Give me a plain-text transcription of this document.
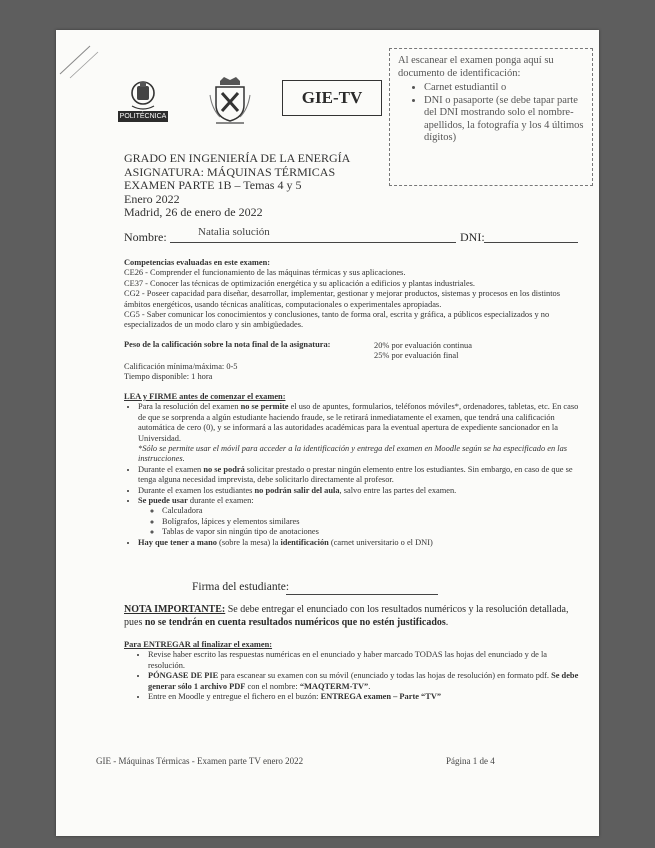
POLITÉCNICA
GIE-TV
Al escanear el examen ponga aquí su documento de identificación:
• Carnet estudiantil o
• DNI o pasaporte (se debe tapar parte del DNI mostrando solo el nombre-apellidos, la fotografía y los 4 últimos dígitos)
GRADO EN INGENIERÍA DE LA ENERGÍA
ASIGNATURA: MÁQUINAS TÉRMICAS
EXAMEN PARTE 1B – Temas 4 y 5
Enero 2022
Madrid, 26 de enero de 2022
Nombre:	Natalia solución	DNI:
Competencias evaluadas en este examen:
CE26 - Comprender el funcionamiento de las máquinas térmicas y sus aplicaciones.
CE37 - Conocer las técnicas de optimización energética y su aplicación a edificios y plantas industriales.
CG2 - Poseer capacidad para diseñar, desarrollar, implementar, gestionar y mejorar productos, sistemas y procesos en los distintos ámbitos energéticos, usando técnicas analíticas, computacionales o experimentales apropiadas.
CG5 - Saber comunicar los conocimientos y conclusiones, tanto de forma oral, escrita y gráfica, a públicos especializados y no especializados de un modo claro y sin ambigüedades.
Peso de la calificación sobre la nota final de la asignatura:	20% por evaluación continua
25% por evaluación final
Calificación mínima/máxima: 0-5
Tiempo disponible: 1 hora
LEA y FIRME antes de comenzar el examen:
• Para la resolución del examen no se permite el uso de apuntes, formularios, teléfonos móviles*, ordenadores, tabletas, etc. En caso de que se sorprenda a algún estudiante haciendo fraude, se le retirará inmediatamente el examen, que tendrá una calificación automática de cero (0), y se informará a las autoridades académicas para la eventual apertura de expediente sancionador en la Universidad.
*Sólo se permite usar el móvil para acceder a la identificación y entrega del examen en Moodle según se ha especificado en las instrucciones.
• Durante el examen no se podrá solicitar prestado o prestar ningún elemento entre los estudiantes. Sin embargo, en caso de que se tenga alguna necesidad imprevista, debe solicitarlo directamente al profesor.
• Durante el examen los estudiantes no podrán salir del aula, salvo entre las partes del examen.
• Se puede usar durante el examen:
◦ Calculadora
◦ Bolígrafos, lápices y elementos similares
◦ Tablas de vapor sin ningún tipo de anotaciones
• Hay que tener a mano (sobre la mesa) la identificación (carnet universitario o el DNI)
Firma del estudiante:
NOTA IMPORTANTE: Se debe entregar el enunciado con los resultados numéricos y la resolución detallada, pues no se tendrán en cuenta resultados numéricos que no estén justificados.
Para ENTREGAR al finalizar el examen:
• Revise haber escrito las respuestas numéricas en el enunciado y haber marcado TODAS las hojas del enunciado y de la resolución.
• PÓNGASE DE PIE para escanear su examen con su móvil (enunciado y todas las hojas de resolución) en formato pdf. Se debe generar sólo 1 archivo PDF con el nombre: “MAQTERM-TV”.
• Entre en Moodle y entregue el fichero en el buzón: ENTREGA examen – Parte “TV”
GIE - Máquinas Térmicas - Examen parte TV enero 2022	Página 1 de 4
